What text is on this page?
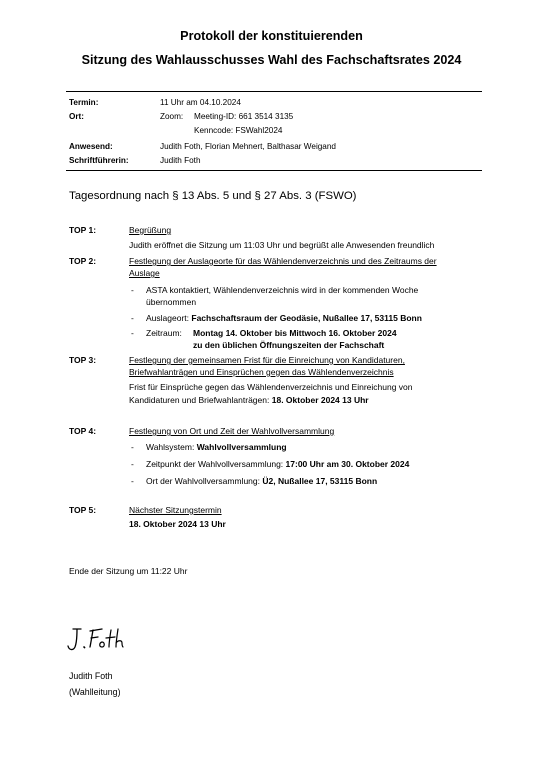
Protokoll der konstituierenden
Sitzung des Wahlausschusses Wahl des Fachschaftsrates 2024
Termin:	11 Uhr am 04.10.2024
Ort:	Zoom: Meeting-ID: 661 3514 3135
Kenncode: FSWahl2024
Anwesend:	Judith Foth, Florian Mehnert, Balthasar Weigand
Schriftführerin:	Judith Foth
Tagesordnung nach § 13 Abs. 5 und § 27 Abs. 3 (FSWO)
TOP 1:	Begrüßung
Judith eröffnet die Sitzung um 11:03 Uhr und begrüßt alle Anwesenden freundlich
TOP 2:	Festlegung der Auslageorte für das Wählendenverzeichnis und des Zeitraums der
Auslage
- ASTA kontaktiert, Wählendenverzeichnis wird in der kommenden Woche
übernommen
- Auslageort: Fachschaftsraum der Geodäsie, Nußallee 17, 53115 Bonn
- Zeitraum: Montag 14. Oktober bis Mittwoch 16. Oktober 2024
zu den üblichen Öffnungszeiten der Fachschaft
TOP 3:	Festlegung der gemeinsamen Frist für die Einreichung von Kandidaturen,
Briefwahlanträgen und Einsprüchen gegen das Wählendenverzeichnis
Frist für Einsprüche gegen das Wählendenverzeichnis und Einreichung von
Kandidaturen und Briefwahlanträgen: 18. Oktober 2024 13 Uhr
TOP 4:	Festlegung von Ort und Zeit der Wahlvollversammlung
- Wahlsystem: Wahlvollversammlung
- Zeitpunkt der Wahlvollversammlung: 17:00 Uhr am 30. Oktober 2024
- Ort der Wahlvollversammlung: Ü2, Nußallee 17, 53115 Bonn
TOP 5:	Nächster Sitzungstermin
18. Oktober 2024 13 Uhr
Ende der Sitzung um 11:22 Uhr
Judith Foth
(Wahlleitung)
